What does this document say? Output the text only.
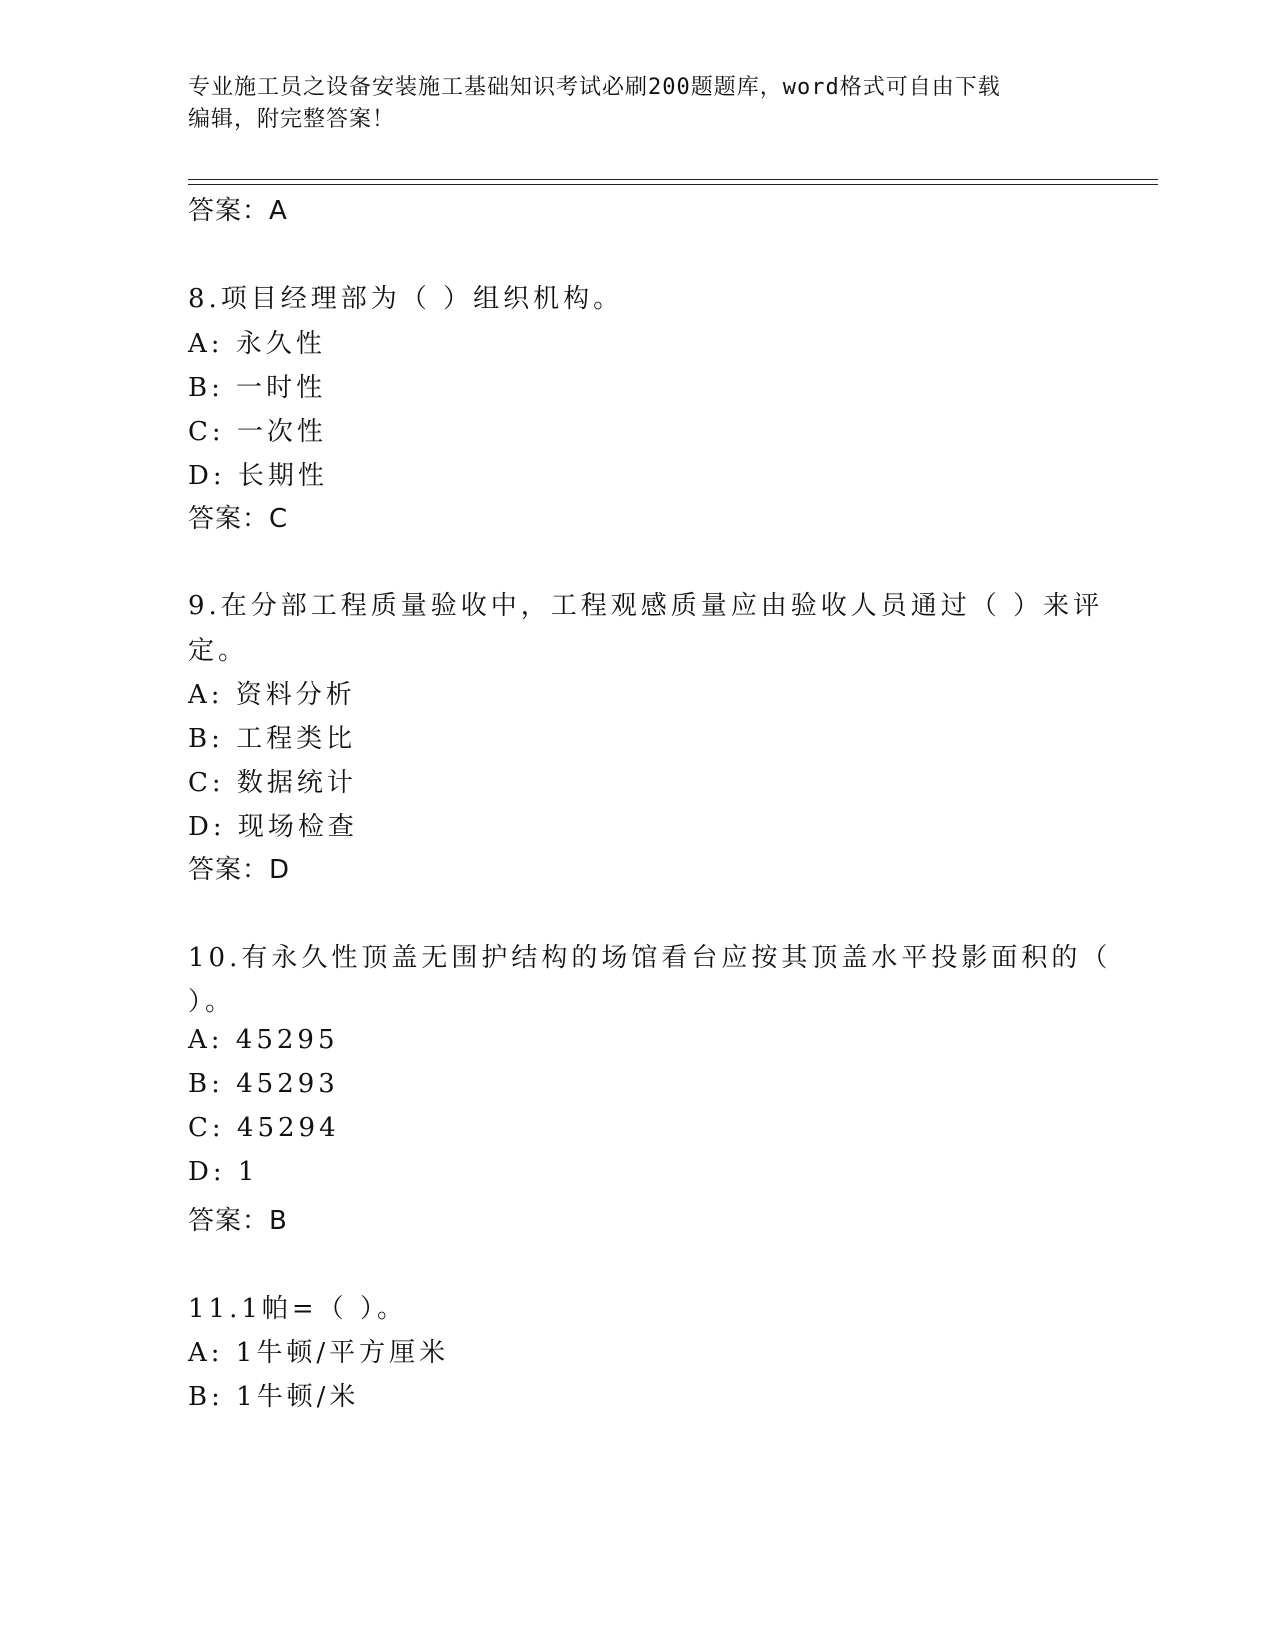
专业施工员之设备安装施工基础知识考试必刷200题题库，word格式可自由下载
编辑，附完整答案！
答案：A
8.项目经理部为（ ）组织机构。
A: 永久性
B: 一时性
C: 一次性
D: 长期性
答案：C
9.在分部工程质量验收中，工程观感质量应由验收人员通过（ ）来评
定。
A: 资料分析
B: 工程类比
C: 数据统计
D: 现场检查
答案：D
10.有永久性顶盖无围护结构的场馆看台应按其顶盖水平投影面积的（
）。
A: 45295
B: 45293
C: 45294
D: 1
答案：B
11.1帕=（ ）。
A: 1牛顿/平方厘米
B: 1牛顿/米
